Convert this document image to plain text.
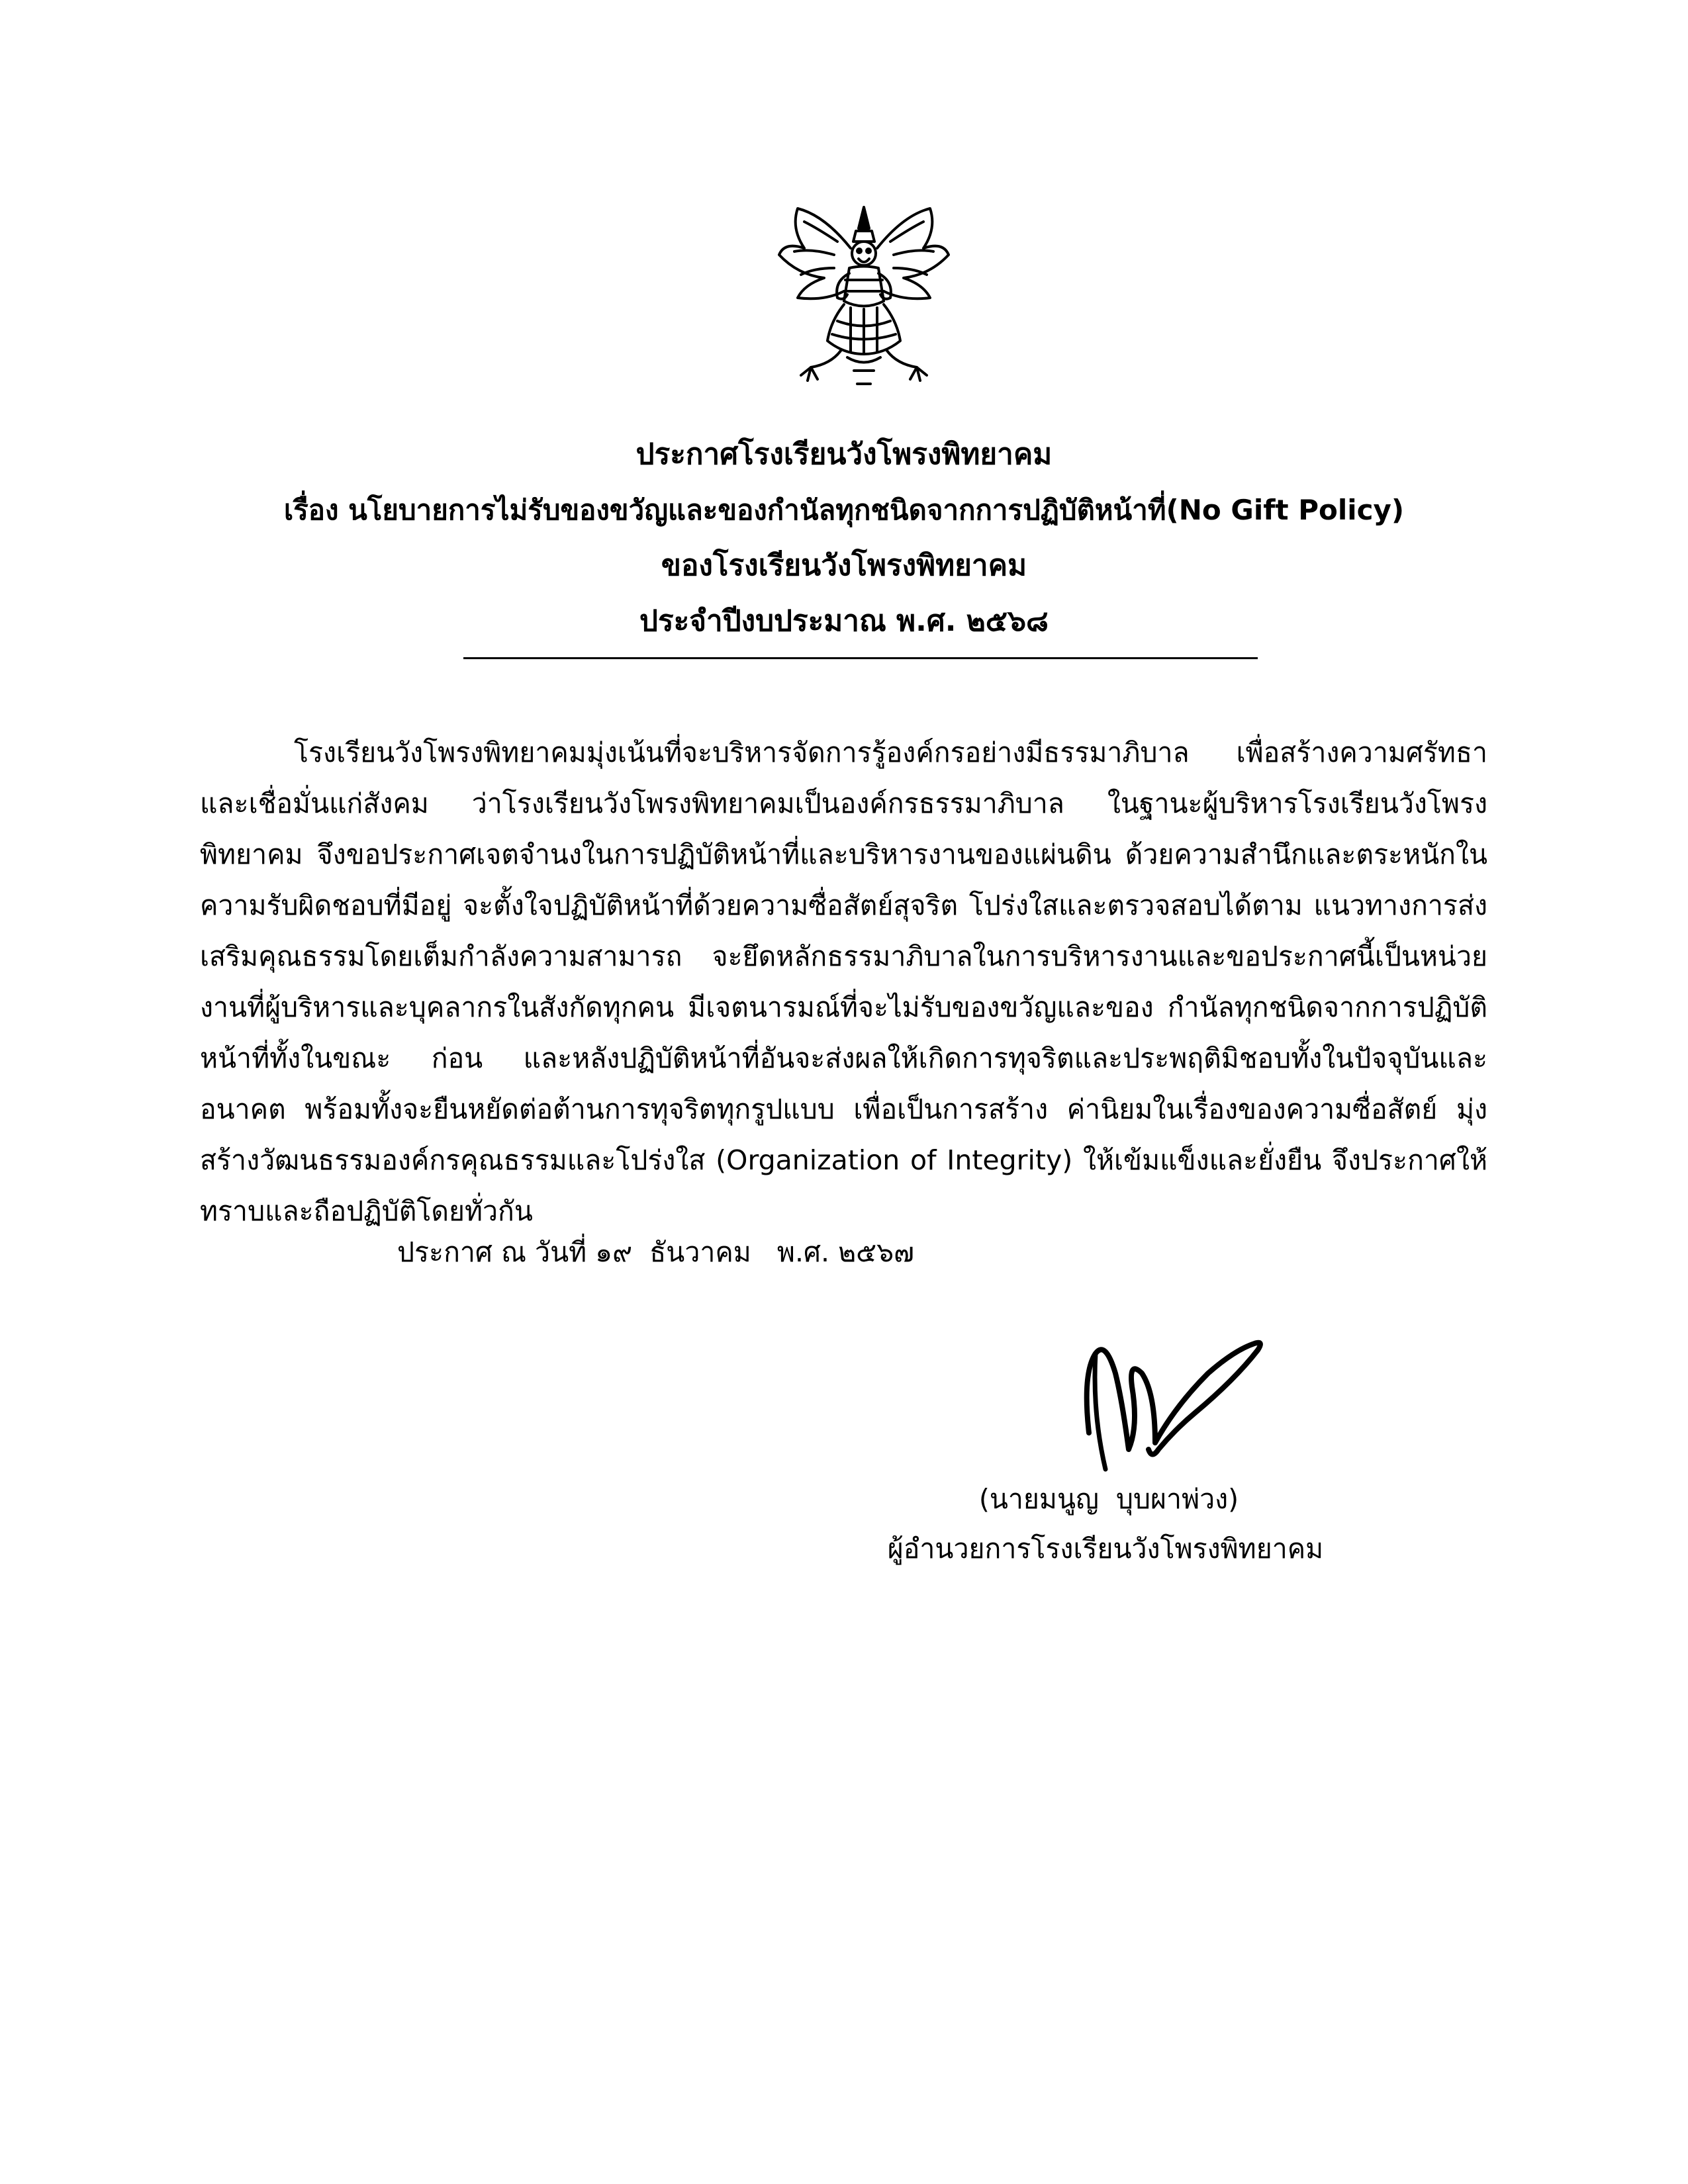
ประกาศโรงเรียนวังโพรงพิทยาคม
เรื่อง นโยบายการไม่รับของขวัญและของกำนัลทุกชนิดจากการปฏิบัติหน้าที่(No Gift Policy)
ของโรงเรียนวังโพรงพิทยาคม
ประจำปีงบประมาณ พ.ศ. ๒๕๖๘

โรงเรียนวังโพรงพิทยาคมมุ่งเน้นที่จะบริหารจัดการรู้องค์กรอย่างมีธรรมาภิบาล เพื่อสร้างความศรัทธาและเชื่อมั่นแก่สังคม ว่าโรงเรียนวังโพรงพิทยาคมเป็นองค์กรธรรมาภิบาล ในฐานะผู้บริหารโรงเรียนวังโพรงพิทยาคม จึงขอประกาศเจตจำนงในการปฏิบัติหน้าที่และบริหารงานของแผ่นดิน ด้วยความสำนึกและตระหนักในความรับผิดชอบที่มีอยู่ จะตั้งใจปฏิบัติหน้าที่ด้วยความซื่อสัตย์สุจริต โปร่งใสและตรวจสอบได้ตาม แนวทางการส่งเสริมคุณธรรมโดยเต็มกำลังความสามารถ จะยึดหลักธรรมาภิบาลในการบริหารงานและขอประกาศนี้เป็นหน่วยงานที่ผู้บริหารและบุคลากรในสังกัดทุกคน มีเจตนารมณ์ที่จะไม่รับของขวัญและของ กำนัลทุกชนิดจากการปฏิบัติหน้าที่ทั้งในขณะ ก่อน และหลังปฏิบัติหน้าที่อันจะส่งผลให้เกิดการทุจริตและประพฤติมิชอบทั้งในปัจจุบันและอนาคต พร้อมทั้งจะยืนหยัดต่อต้านการทุจริตทุกรูปแบบ เพื่อเป็นการสร้าง ค่านิยมในเรื่องของความซื่อสัตย์ มุ่งสร้างวัฒนธรรมองค์กรคุณธรรมและโปร่งใส (Organization of Integrity) ให้เข้มแข็งและยั่งยืน จึงประกาศให้ทราบและถือปฏิบัติโดยทั่วกัน

ประกาศ ณ วันที่ ๑๙  ธันวาคม   พ.ศ. ๒๕๖๗
(นายมนูญ  บุบผาพ่วง)
ผู้อำนวยการโรงเรียนวังโพรงพิทยาคม
